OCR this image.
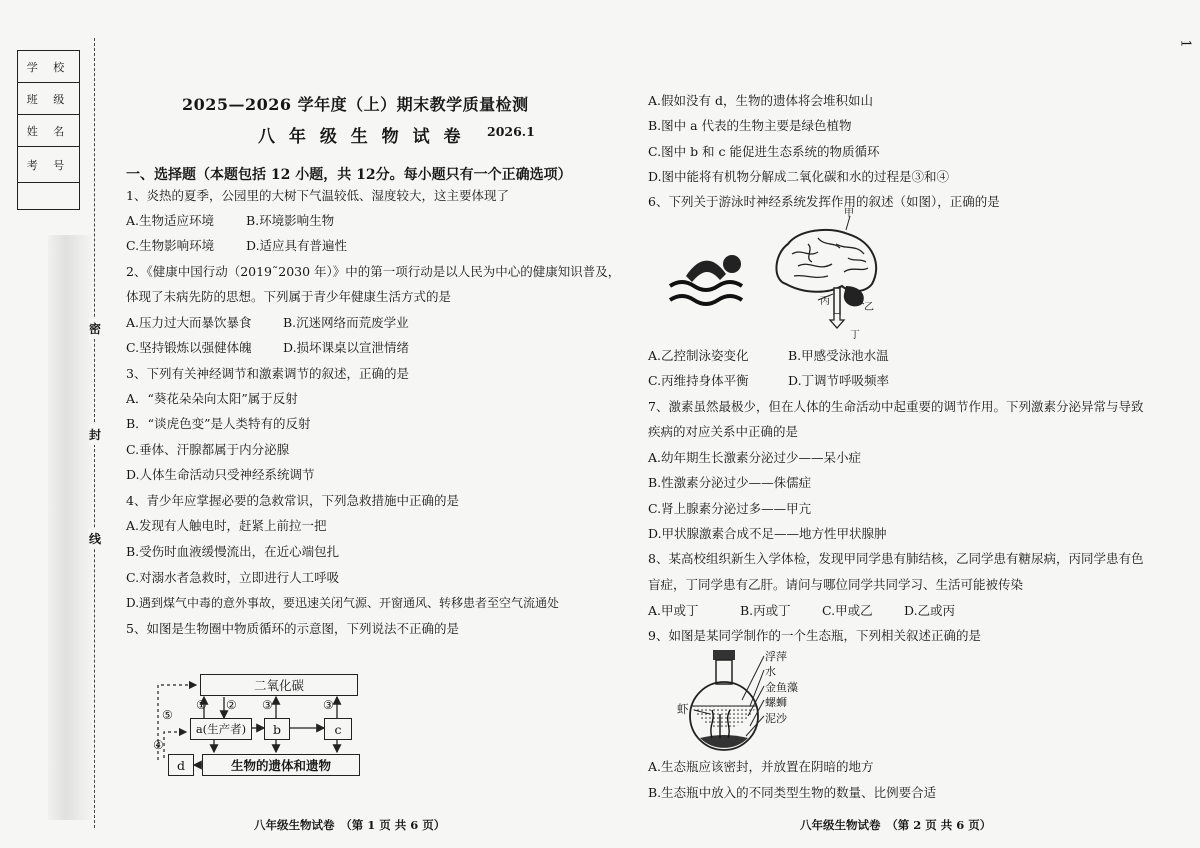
学 校
班 级
姓 名
考 号
密
封
线
1
2025—2026 学年度（上）期末教学质量检测
八 年 级 生 物 试 卷 2026.1
一、选择题（本题包括 12 小题，共 12分。每小题只有一个正确选项）
1、炎热的夏季，公园里的大树下气温较低、湿度较大，这主要体现了
A.生物适应环境	B.环境影响生物
C.生物影响环境	D.适应具有普遍性
2、《健康中国行动（2019˜2030 年）》中的第一项行动是以人民为中心的健康知识普及，
体现了未病先防的思想。下列属于青少年健康生活方式的是
A.压力过大而暴饮暴食	B.沉迷网络而荒废学业
C.坚持锻炼以强健体魄	D.损坏课桌以宣泄情绪
3、下列有关神经调节和激素调节的叙述，正确的是
A．“葵花朵朵向太阳”属于反射
B．“谈虎色变”是人类特有的反射
C.垂体、汗腺都属于内分泌腺
D.人体生命活动只受神经系统调节
4、青少年应掌握必要的急救常识，下列急救措施中正确的是
A.发现有人触电时，赶紧上前拉一把
B.受伤时血液缓慢流出，在近心端包扎
C.对溺水者急救时，立即进行人工呼吸
D.遇到煤气中毒的意外事故，要迅速关闭气源、开窗通风、转移患者至空气流通处
5、如图是生物圈中物质循环的示意图，下列说法不正确的是
二氧化碳
a(生产者)	b	c
d	生物的遗体和遗物
① ② ③	③
⑤
④
A.假如没有 d，生物的遗体将会堆积如山
B.图中 a 代表的生物主要是绿色植物
C.图中 b 和 c 能促进生态系统的物质循环
D.图中能将有机物分解成二氧化碳和水的过程是③和④
6、下列关于游泳时神经系统发挥作用的叙述（如图），正确的是
甲
丙
乙
丁
A.乙控制泳姿变化	B.甲感受泳池水温
C.丙维持身体平衡	D.丁调节呼吸频率
7、激素虽然最极少，但在人体的生命活动中起重要的调节作用。下列激素分泌异常与导致
疾病的对应关系中正确的是
A.幼年期生长激素分泌过少——呆小症
B.性激素分泌过少——侏儒症
C.肾上腺素分泌过多——甲亢
D.甲状腺激素合成不足——地方性甲状腺肿
8、某高校组织新生入学体检，发现甲同学患有肺结核，乙同学患有糖尿病，丙同学患有色
盲症，丁同学患有乙肝。请问与哪位同学共同学习、生活可能被传染
A.甲或丁	B.丙或丁	C.甲或乙	D.乙或丙
9、如图是某同学制作的一个生态瓶，下列相关叙述正确的是
虾
浮萍
水
金鱼藻
螺蛳
泥沙
A.生态瓶应该密封，并放置在阴暗的地方
B.生态瓶中放入的不同类型生物的数量、比例要合适
八年级生物试卷　（第 1 页 共 6 页）	八年级生物试卷　（第 2 页 共 6 页）
